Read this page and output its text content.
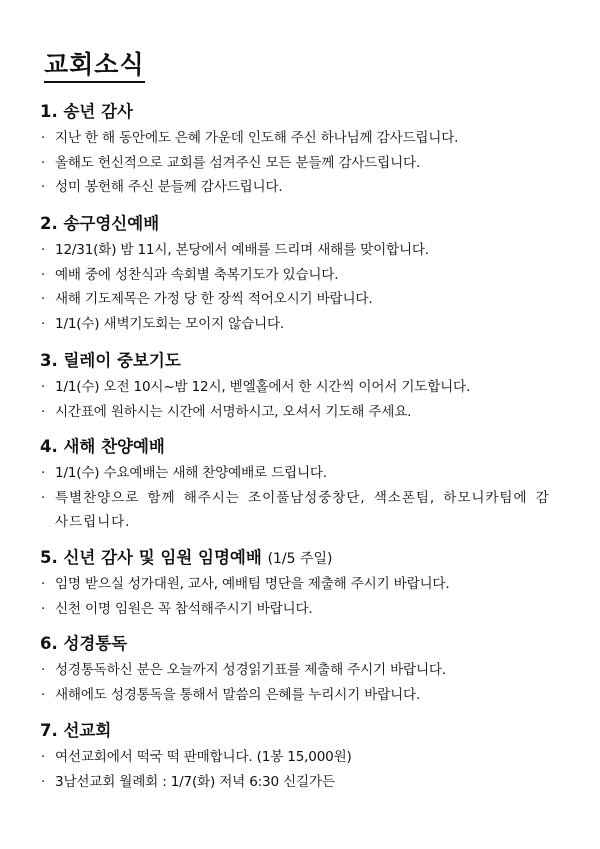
교회소식
1. 송년 감사
· 지난 한 해 동안에도 은혜 가운데 인도해 주신 하나님께 감사드립니다.
· 올해도 헌신적으로 교회를 섬겨주신 모든 분들께 감사드립니다.
· 성미 봉헌해 주신 분들께 감사드립니다.
2. 송구영신예배
· 12/31(화) 밤 11시, 본당에서 예배를 드리며 새해를 맞이합니다.
· 예배 중에 성찬식과 속회별 축복기도가 있습니다.
· 새해 기도제목은 가정 당 한 장씩 적어오시기 바랍니다.
· 1/1(수) 새벽기도회는 모이지 않습니다.
3. 릴레이 중보기도
· 1/1(수) 오전 10시~밤 12시, 벧엘홀에서 한 시간씩 이어서 기도합니다.
· 시간표에 원하시는 시간에 서명하시고, 오셔서 기도해 주세요.
4. 새해 찬양예배
· 1/1(수) 수요예배는 새해 찬양예배로 드립니다.
· 특별찬양으로 함께 해주시는 조이풀남성중창단, 색소폰팀, 하모니카팀에 감사드립니다.
5. 신년 감사 및 임원 임명예배 (1/5 주일)
· 임명 받으실 성가대원, 교사, 예배팀 명단을 제출해 주시기 바랍니다.
· 신천 이명 임원은 꼭 참석해주시기 바랍니다.
6. 성경통독
· 성경통독하신 분은 오늘까지 성경읽기표를 제출해 주시기 바랍니다.
· 새해에도 성경통독을 통해서 말씀의 은혜를 누리시기 바랍니다.
7. 선교회
· 여선교회에서 떡국 떡 판매합니다. (1봉 15,000원)
· 3남선교회 월례회 : 1/7(화) 저녁 6:30 신길가든
